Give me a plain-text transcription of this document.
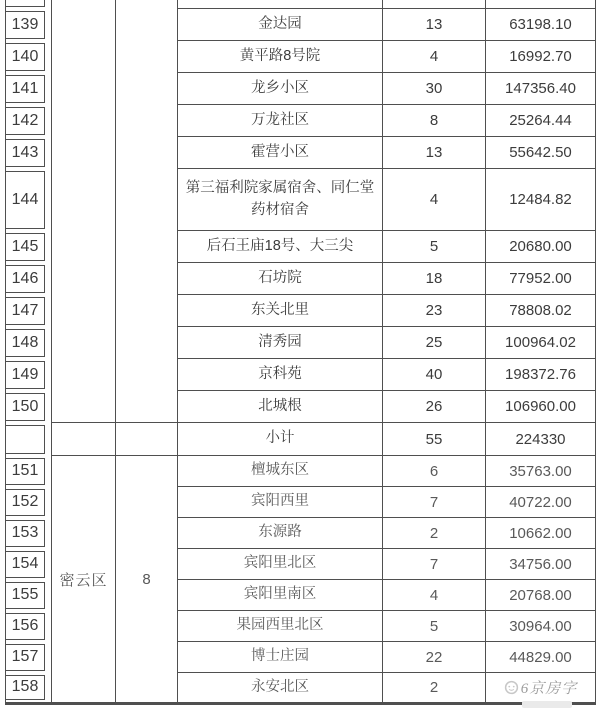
139			金达园	13	63198.10

140			黄平路8号院	4	16992.70

141			龙乡小区	30	147356.40

142			万龙社区	8	25264.44

143			霍营小区	13	55642.50

144			第三福利院家属宿舍、同仁堂药材宿舍	4	12484.82

145			后石王庙18号、大三尖	5	20680.00

146			石坊院	18	77952.00

147			东关北里	23	78808.02

148			清秀园	25	100964.02

149			京科苑	40	198372.76

150			北城根	26	106960.00

			小计	55	224330

151	密云区	8	檀城东区	6	35763.00

152			宾阳西里	7	40722.00

153			东源路	2	10662.00

154			宾阳里北区	7	34756.00

155			宾阳里南区	4	20768.00

156			果园西里北区	5	30964.00

157			博士庄园	22	44829.00

158			永安北区	2	6京房字
